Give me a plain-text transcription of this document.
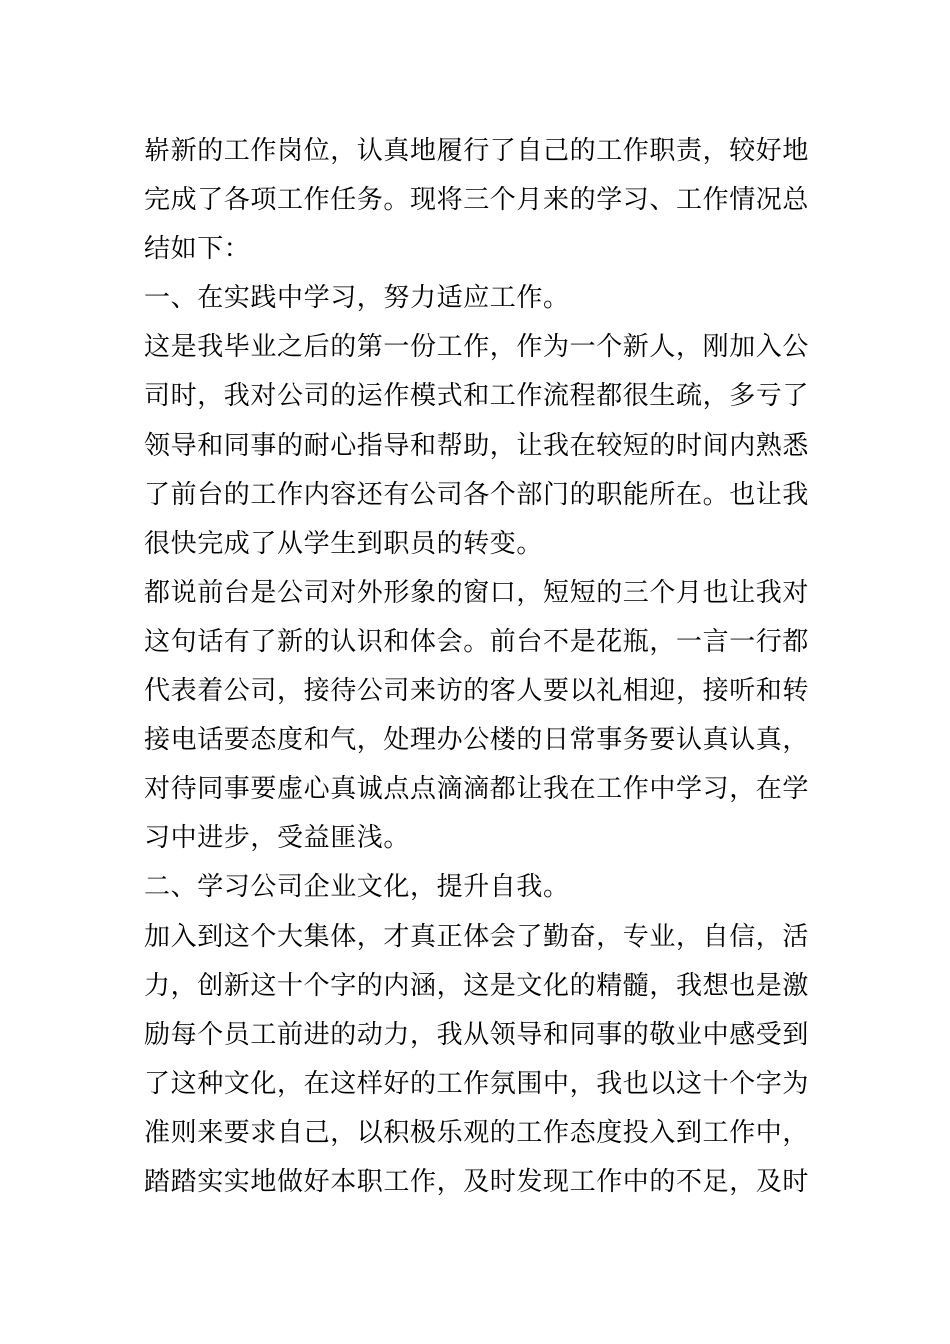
崭新的工作岗位，认真地履行了自己的工作职责，较好地
完成了各项工作任务。现将三个月来的学习、工作情况总
结如下：
一、在实践中学习，努力适应工作。
这是我毕业之后的第一份工作，作为一个新人，刚加入公
司时，我对公司的运作模式和工作流程都很生疏，多亏了
领导和同事的耐心指导和帮助，让我在较短的时间内熟悉
了前台的工作内容还有公司各个部门的职能所在。也让我
很快完成了从学生到职员的转变。
都说前台是公司对外形象的窗口，短短的三个月也让我对
这句话有了新的认识和体会。前台不是花瓶，一言一行都
代表着公司，接待公司来访的客人要以礼相迎，接听和转
接电话要态度和气，处理办公楼的日常事务要认真认真，
对待同事要虚心真诚点点滴滴都让我在工作中学习，在学
习中进步，受益匪浅。
二、学习公司企业文化，提升自我。
加入到这个大集体，才真正体会了勤奋，专业，自信，活
力，创新这十个字的内涵，这是文化的精髓，我想也是激
励每个员工前进的动力，我从领导和同事的敬业中感受到
了这种文化，在这样好的工作氛围中，我也以这十个字为
准则来要求自己，以积极乐观的工作态度投入到工作中，
踏踏实实地做好本职工作，及时发现工作中的不足，及时
